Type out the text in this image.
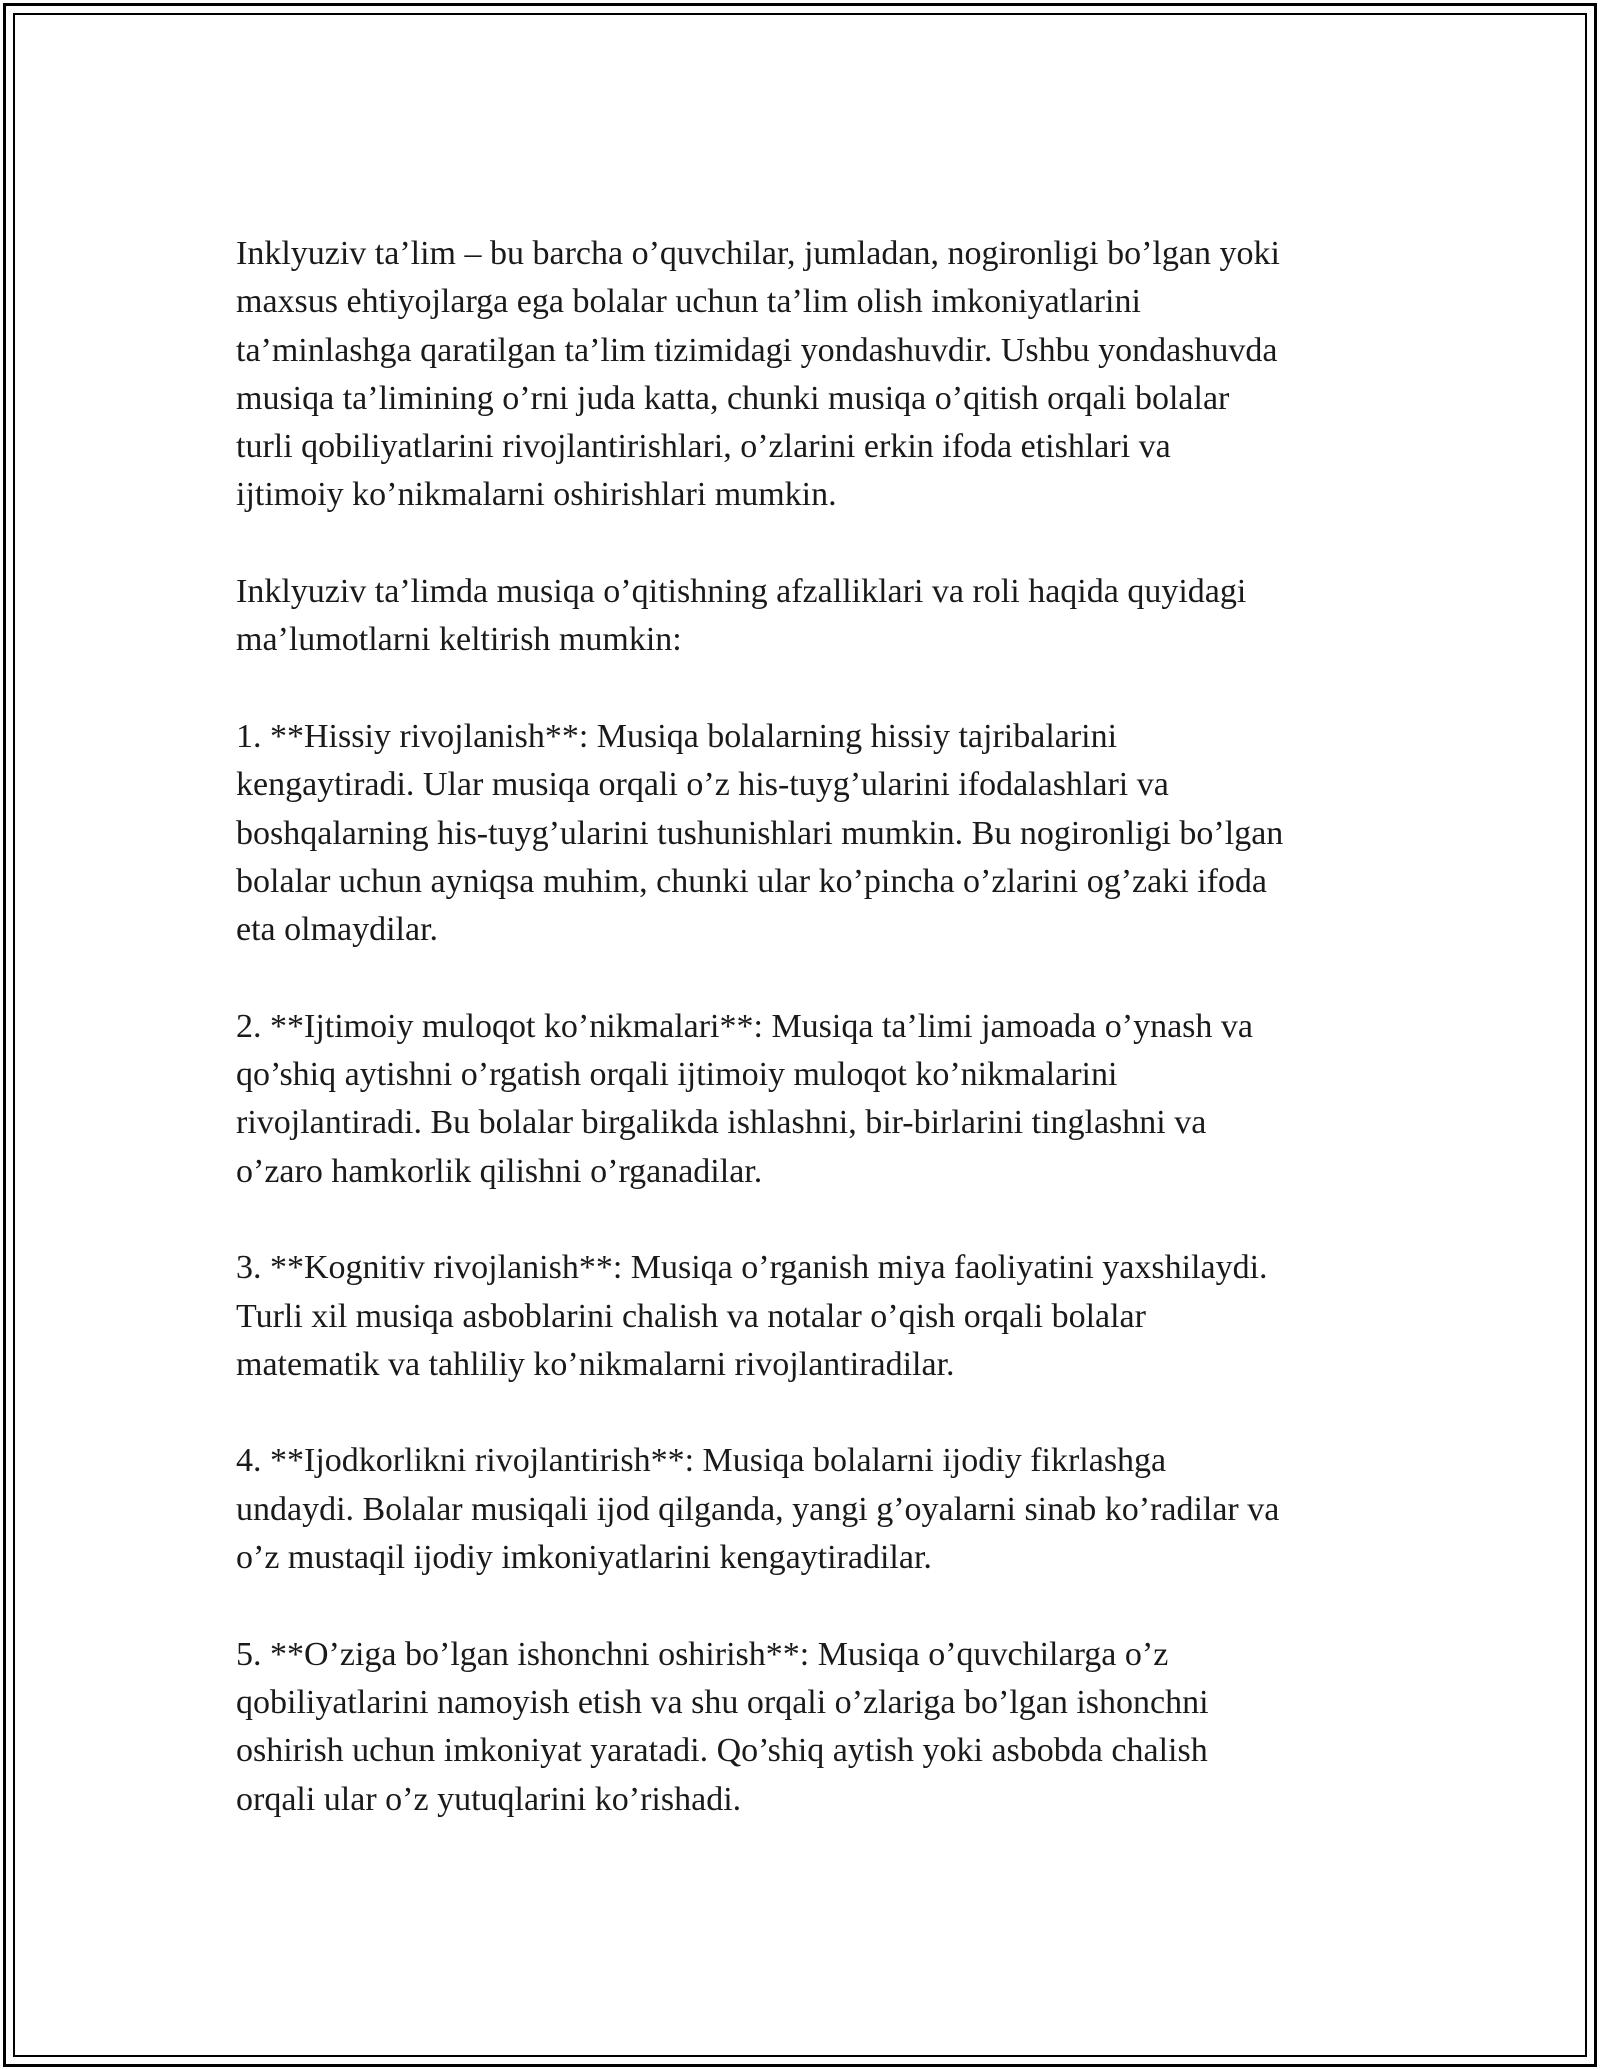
Inklyuziv ta’lim – bu barcha o’quvchilar, jumladan, nogironligi bo’lgan yoki
maxsus ehtiyojlarga ega bolalar uchun ta’lim olish imkoniyatlarini
ta’minlashga qaratilgan ta’lim tizimidagi yondashuvdir. Ushbu yondashuvda
musiqa ta’limining o’rni juda katta, chunki musiqa o’qitish orqali bolalar
turli qobiliyatlarini rivojlantirishlari, o’zlarini erkin ifoda etishlari va
ijtimoiy ko’nikmalarni oshirishlari mumkin.

Inklyuziv ta’limda musiqa o’qitishning afzalliklari va roli haqida quyidagi
ma’lumotlarni keltirish mumkin:

1. **Hissiy rivojlanish**: Musiqa bolalarning hissiy tajribalarini
kengaytiradi. Ular musiqa orqali o’z his-tuyg’ularini ifodalashlari va
boshqalarning his-tuyg’ularini tushunishlari mumkin. Bu nogironligi bo’lgan
bolalar uchun ayniqsa muhim, chunki ular ko’pincha o’zlarini og’zaki ifoda
eta olmaydilar.

2. **Ijtimoiy muloqot ko’nikmalari**: Musiqa ta’limi jamoada o’ynash va
qo’shiq aytishni o’rgatish orqali ijtimoiy muloqot ko’nikmalarini
rivojlantiradi. Bu bolalar birgalikda ishlashni, bir-birlarini tinglashni va
o’zaro hamkorlik qilishni o’rganadilar.

3. **Kognitiv rivojlanish**: Musiqa o’rganish miya faoliyatini yaxshilaydi.
Turli xil musiqa asboblarini chalish va notalar o’qish orqali bolalar
matematik va tahliliy ko’nikmalarni rivojlantiradilar.

4. **Ijodkorlikni rivojlantirish**: Musiqa bolalarni ijodiy fikrlashga
undaydi. Bolalar musiqali ijod qilganda, yangi g’oyalarni sinab ko’radilar va
o’z mustaqil ijodiy imkoniyatlarini kengaytiradilar.

5. **O’ziga bo’lgan ishonchni oshirish**: Musiqa o’quvchilarga o’z
qobiliyatlarini namoyish etish va shu orqali o’zlariga bo’lgan ishonchni
oshirish uchun imkoniyat yaratadi. Qo’shiq aytish yoki asbobda chalish
orqali ular o’z yutuqlarini ko’rishadi.
